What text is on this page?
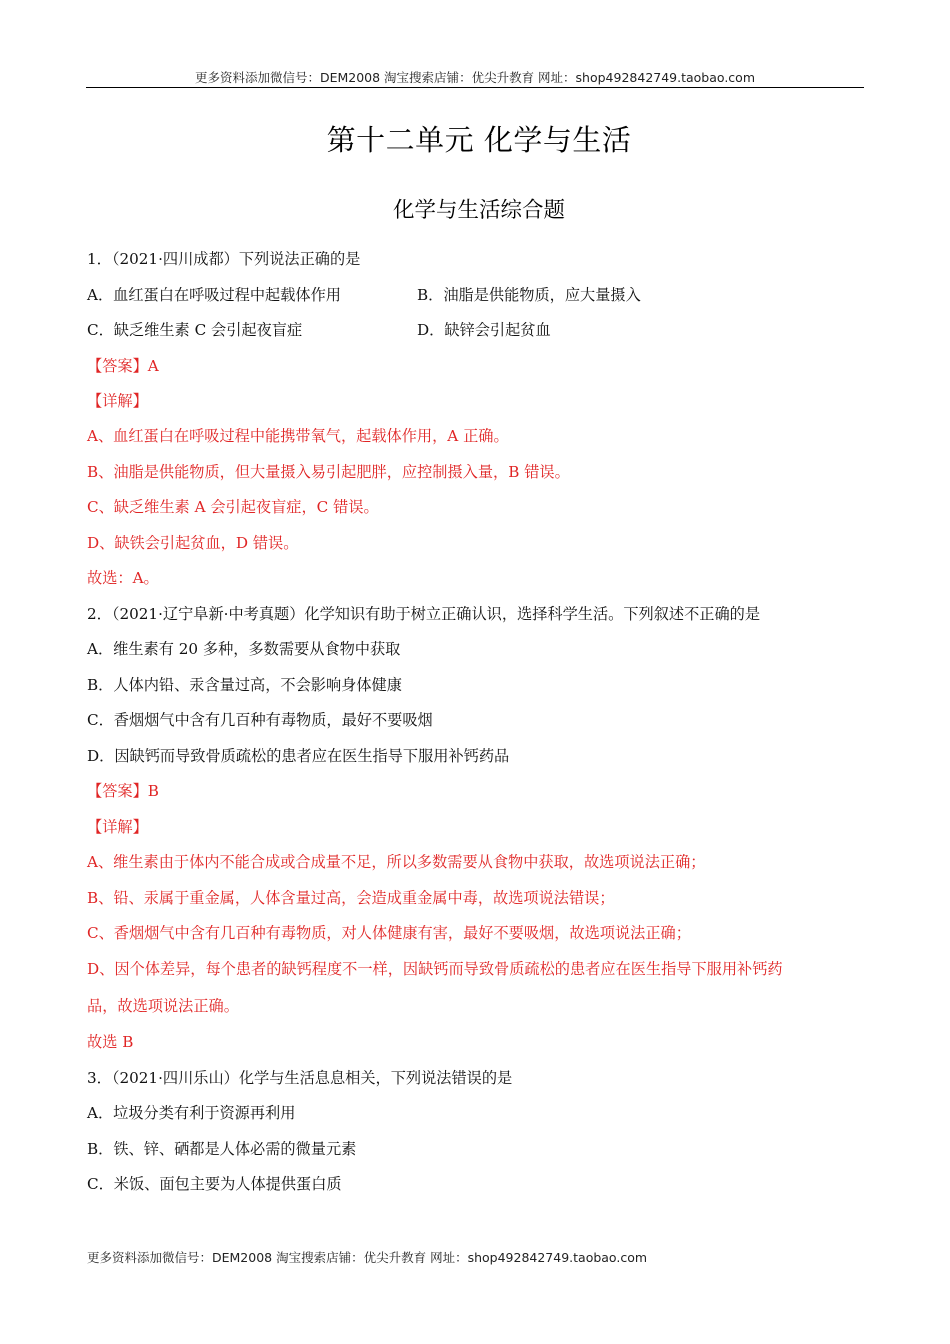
更多资料添加微信号：DEM2008 淘宝搜索店铺：优尖升教育 网址：shop492842749.taobao.com
第十二单元 化学与生活
化学与生活综合题
1．（2021·四川成都）下列说法正确的是
A．血红蛋白在呼吸过程中起载体作用	B．油脂是供能物质，应大量摄入
C．缺乏维生素 C 会引起夜盲症	D．缺锌会引起贫血
【答案】A
【详解】
A、血红蛋白在呼吸过程中能携带氧气，起载体作用，A 正确。
B、油脂是供能物质，但大量摄入易引起肥胖，应控制摄入量，B 错误。
C、缺乏维生素 A 会引起夜盲症，C 错误。
D、缺铁会引起贫血，D 错误。
故选：A。
2．（2021·辽宁阜新·中考真题）化学知识有助于树立正确认识，选择科学生活。下列叙述不正确的是
A．维生素有 20 多种，多数需要从食物中获取
B．人体内铅、汞含量过高，不会影响身体健康
C．香烟烟气中含有几百种有毒物质，最好不要吸烟
D．因缺钙而导致骨质疏松的患者应在医生指导下服用补钙药品
【答案】B
【详解】
A、维生素由于体内不能合成或合成量不足，所以多数需要从食物中获取，故选项说法正确；
B、铅、汞属于重金属，人体含量过高，会造成重金属中毒，故选项说法错误；
C、香烟烟气中含有几百种有毒物质，对人体健康有害，最好不要吸烟，故选项说法正确；
D、因个体差异，每个患者的缺钙程度不一样，因缺钙而导致骨质疏松的患者应在医生指导下服用补钙药
品，故选项说法正确。
故选 B
3．（2021·四川乐山）化学与生活息息相关，下列说法错误的是
A．垃圾分类有利于资源再利用
B．铁、锌、硒都是人体必需的微量元素
C．米饭、面包主要为人体提供蛋白质
更多资料添加微信号：DEM2008 淘宝搜索店铺：优尖升教育 网址：shop492842749.taobao.com
